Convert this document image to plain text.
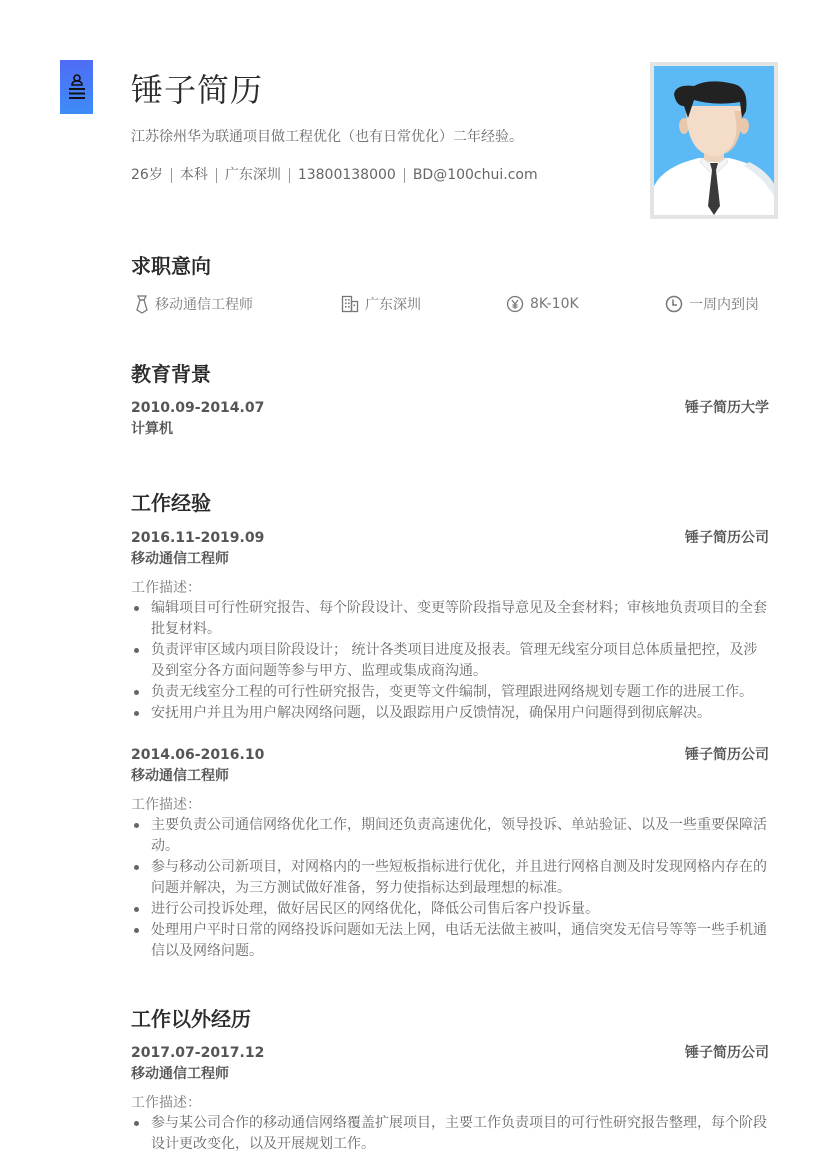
锤子简历
江苏徐州华为联通项目做工程优化（也有日常优化）二年经验。
26岁 本科 广东深圳 13800138000 BD@100chui.com
求职意向
移动通信工程师	广东深圳	8K-10K	一周内到岗
教育背景
2010.09-2014.07	锤子简历大学
计算机
工作经验
2016.11-2019.09	锤子简历公司
移动通信工程师
工作描述：
编辑项目可行性研究报告、每个阶段设计、变更等阶段指导意见及全套材料；审核地负责项目的全套批复材料。
负责评审区域内项目阶段设计； 统计各类项目进度及报表。管理无线室分项目总体质量把控，及涉及到室分各方面问题等参与甲方、监理或集成商沟通。
负责无线室分工程的可行性研究报告，变更等文件编制，管理跟进网络规划专题工作的进展工作。
安抚用户并且为用户解决网络问题，以及跟踪用户反馈情况，确保用户问题得到彻底解决。
2014.06-2016.10	锤子简历公司
移动通信工程师
工作描述：
主要负责公司通信网络优化工作，期间还负责高速优化，领导投诉、单站验证、以及一些重要保障活动。
参与移动公司新项目，对网格内的一些短板指标进行优化，并且进行网格自测及时发现网格内存在的问题并解决，为三方测试做好准备，努力使指标达到最理想的标准。
进行公司投诉处理，做好居民区的网络优化，降低公司售后客户投诉量。
处理用户平时日常的网络投诉问题如无法上网，电话无法做主被叫，通信突发无信号等等一些手机通信以及网络问题。
工作以外经历
2017.07-2017.12	锤子简历公司
移动通信工程师
工作描述：
参与某公司合作的移动通信网络覆盖扩展项目，主要工作负责项目的可行性研究报告整理，每个阶段设计更改变化，以及开展规划工作。
